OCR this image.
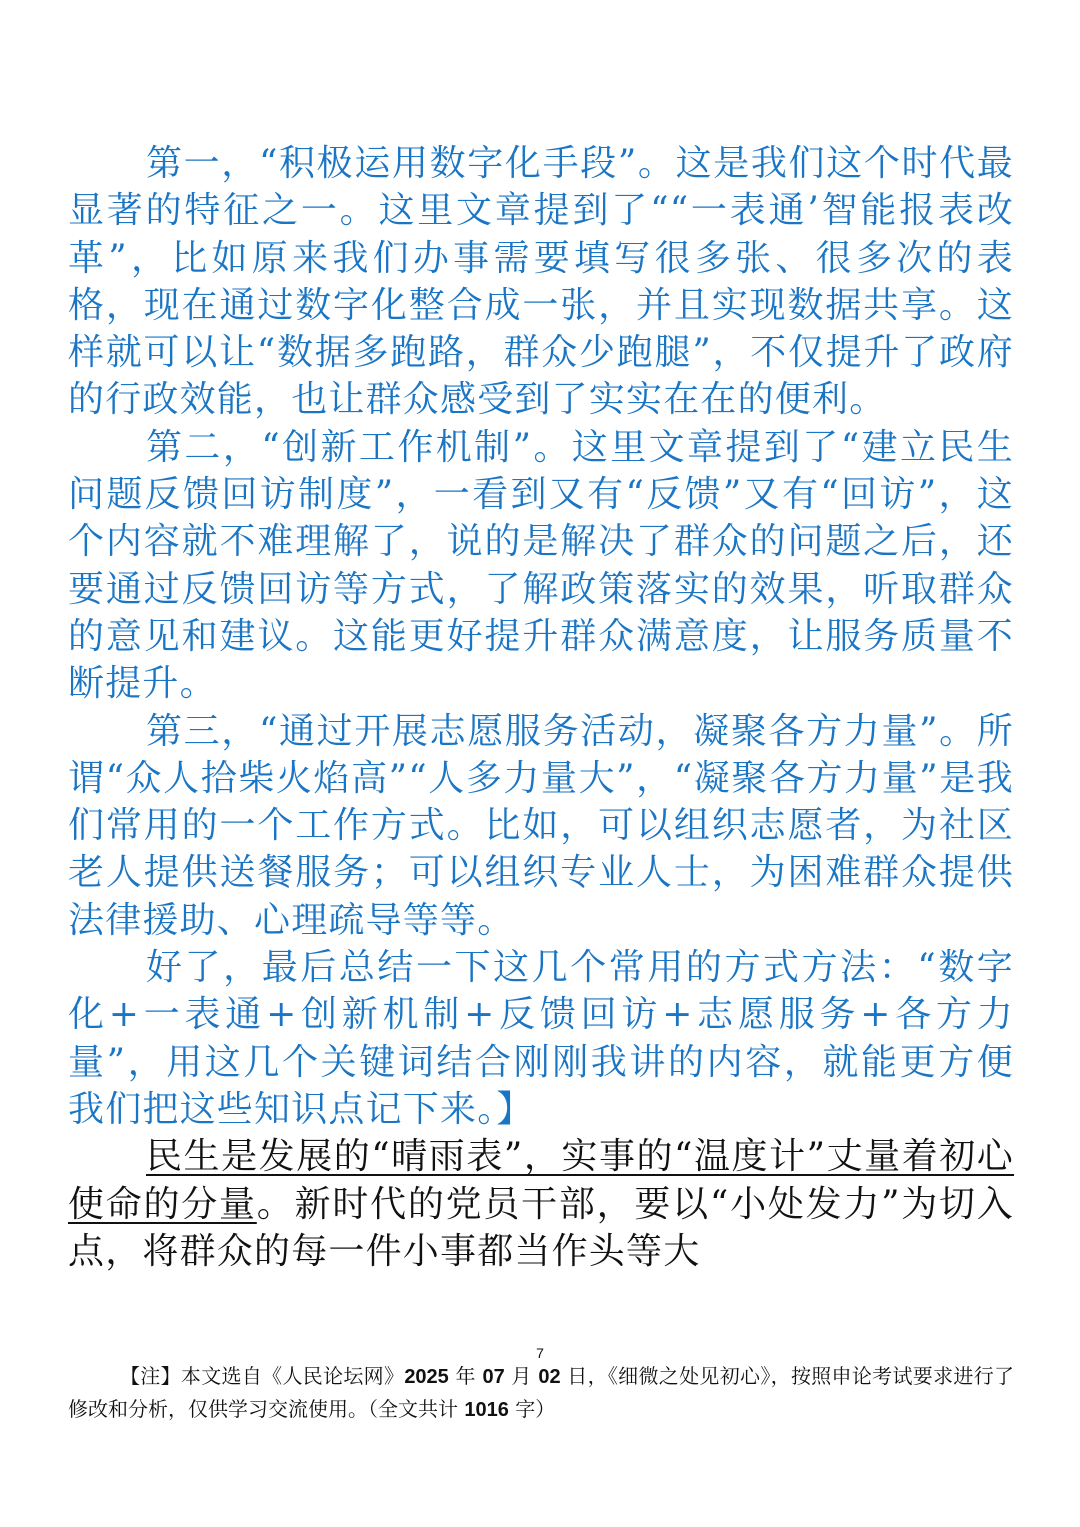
第一，“积极运用数字化手段”。这是我们这个时代最显著的特征之一。这里文章提到了““一表通’智能报表改革”，比如原来我们办事需要填写很多张、很多次的表格，现在通过数字化整合成一张，并且实现数据共享。这样就可以让“数据多跑路，群众少跑腿”，不仅提升了政府的行政效能，也让群众感受到了实实在在的便利。

第二，“创新工作机制”。这里文章提到了“建立民生问题反馈回访制度”，一看到又有“反馈”又有“回访”，这个内容就不难理解了，说的是解决了群众的问题之后，还要通过反馈回访等方式，了解政策落实的效果，听取群众的意见和建议。这能更好提升群众满意度，让服务质量不断提升。

第三，“通过开展志愿服务活动，凝聚各方力量”。所谓“众人拾柴火焰高”“人多力量大”，“凝聚各方力量”是我们常用的一个工作方式。比如，可以组织志愿者，为社区老人提供送餐服务；可以组织专业人士，为困难群众提供法律援助、心理疏导等等。

好了，最后总结一下这几个常用的方式方法：“数字化+一表通+创新机制+反馈回访+志愿服务+各方力量”，用这几个关键词结合刚刚我讲的内容，就能更方便我们把这些知识点记下来。】

民生是发展的“晴雨表”，实事的“温度计”丈量着初心使命的分量。新时代的党员干部，要以“小处发力”为切入点，将群众的每一件小事都当作头等大

7
【注】本文选自《人民论坛网》2025 年 07 月 02 日，《细微之处见初心》，按照申论考试要求进行了修改和分析，仅供学习交流使用。（全文共计 1016 字）
